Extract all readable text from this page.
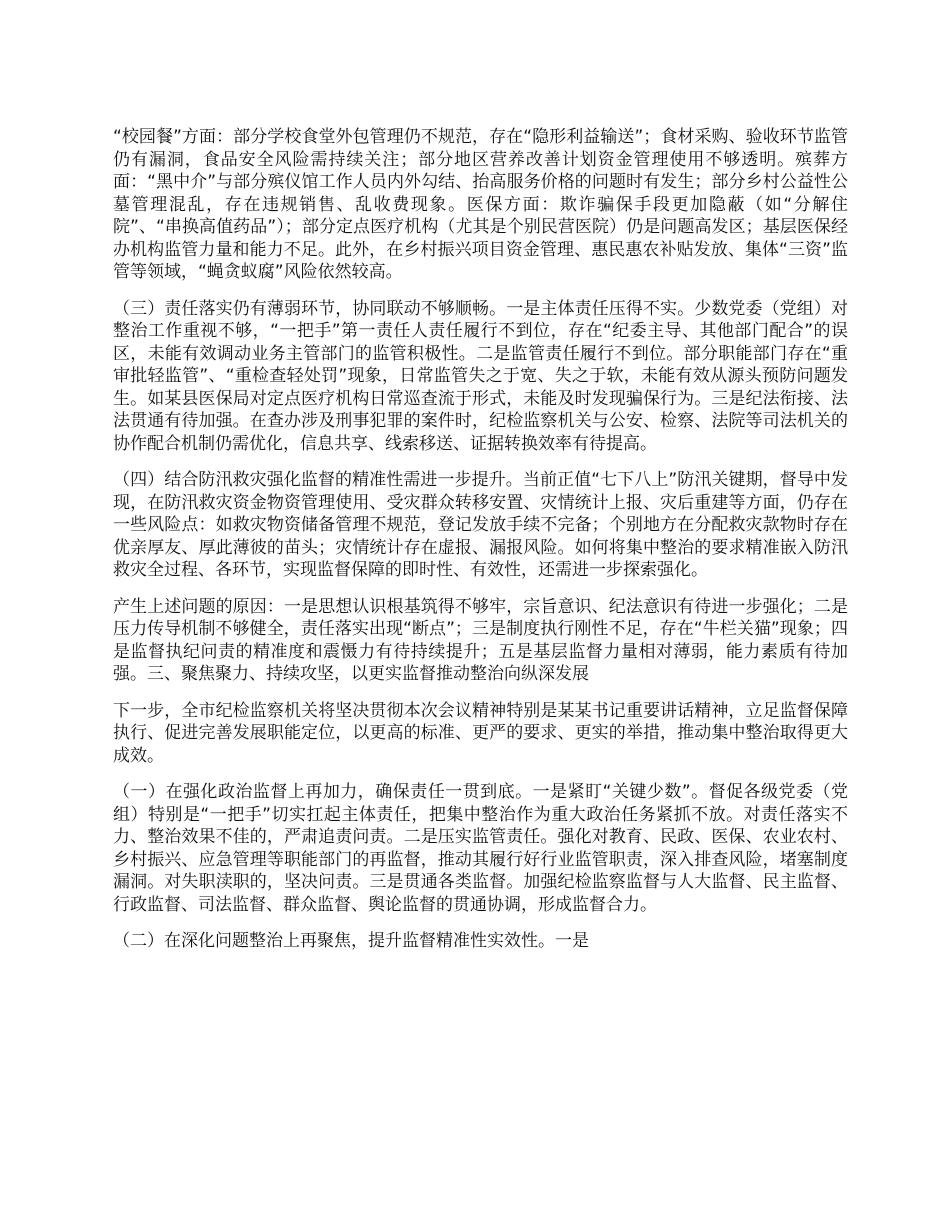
“校园餐”方面：部分学校食堂外包管理仍不规范，存在“隐形利益输送”；食材采购、验收环节监管仍有漏洞，食品安全风险需持续关注；部分地区营养改善计划资金管理使用不够透明。殡葬方面：“黑中介”与部分殡仪馆工作人员内外勾结、抬高服务价格的问题时有发生；部分乡村公益性公墓管理混乱，存在违规销售、乱收费现象。医保方面：欺诈骗保手段更加隐蔽（如“分解住院”、“串换高值药品”）；部分定点医疗机构（尤其是个别民营医院）仍是问题高发区；基层医保经办机构监管力量和能力不足。此外，在乡村振兴项目资金管理、惠民惠农补贴发放、集体“三资”监管等领域，“蝇贪蚁腐”风险依然较高。

（三）责任落实仍有薄弱环节，协同联动不够顺畅。一是主体责任压得不实。少数党委（党组）对整治工作重视不够，“一把手”第一责任人责任履行不到位，存在“纪委主导、其他部门配合”的误区，未能有效调动业务主管部门的监管积极性。二是监管责任履行不到位。部分职能部门存在“重审批轻监管”、“重检查轻处罚”现象，日常监管失之于宽、失之于软，未能有效从源头预防问题发生。如某县医保局对定点医疗机构日常巡查流于形式，未能及时发现骗保行为。三是纪法衔接、法法贯通有待加强。在查办涉及刑事犯罪的案件时，纪检监察机关与公安、检察、法院等司法机关的协作配合机制仍需优化，信息共享、线索移送、证据转换效率有待提高。

（四）结合防汛救灾强化监督的精准性需进一步提升。当前正值“七下八上”防汛关键期，督导中发现，在防汛救灾资金物资管理使用、受灾群众转移安置、灾情统计上报、灾后重建等方面，仍存在一些风险点：如救灾物资储备管理不规范，登记发放手续不完备；个别地方在分配救灾款物时存在优亲厚友、厚此薄彼的苗头；灾情统计存在虚报、漏报风险。如何将集中整治的要求精准嵌入防汛救灾全过程、各环节，实现监督保障的即时性、有效性，还需进一步探索强化。

产生上述问题的原因：一是思想认识根基筑得不够牢，宗旨意识、纪法意识有待进一步强化；二是压力传导机制不够健全，责任落实出现“断点”；三是制度执行刚性不足，存在“牛栏关猫”现象；四是监督执纪问责的精准度和震慑力有待持续提升；五是基层监督力量相对薄弱，能力素质有待加强。三、聚焦聚力、持续攻坚，以更实监督推动整治向纵深发展

下一步，全市纪检监察机关将坚决贯彻本次会议精神特别是某某书记重要讲话精神，立足监督保障执行、促进完善发展职能定位，以更高的标准、更严的要求、更实的举措，推动集中整治取得更大成效。

（一）在强化政治监督上再加力，确保责任一贯到底。一是紧盯“关键少数”。督促各级党委（党组）特别是“一把手”切实扛起主体责任，把集中整治作为重大政治任务紧抓不放。对责任落实不力、整治效果不佳的，严肃追责问责。二是压实监管责任。强化对教育、民政、医保、农业农村、乡村振兴、应急管理等职能部门的再监督，推动其履行好行业监管职责，深入排查风险，堵塞制度漏洞。对失职渎职的，坚决问责。三是贯通各类监督。加强纪检监察监督与人大监督、民主监督、行政监督、司法监督、群众监督、舆论监督的贯通协调，形成监督合力。

（二）在深化问题整治上再聚焦，提升监督精准性实效性。一是
